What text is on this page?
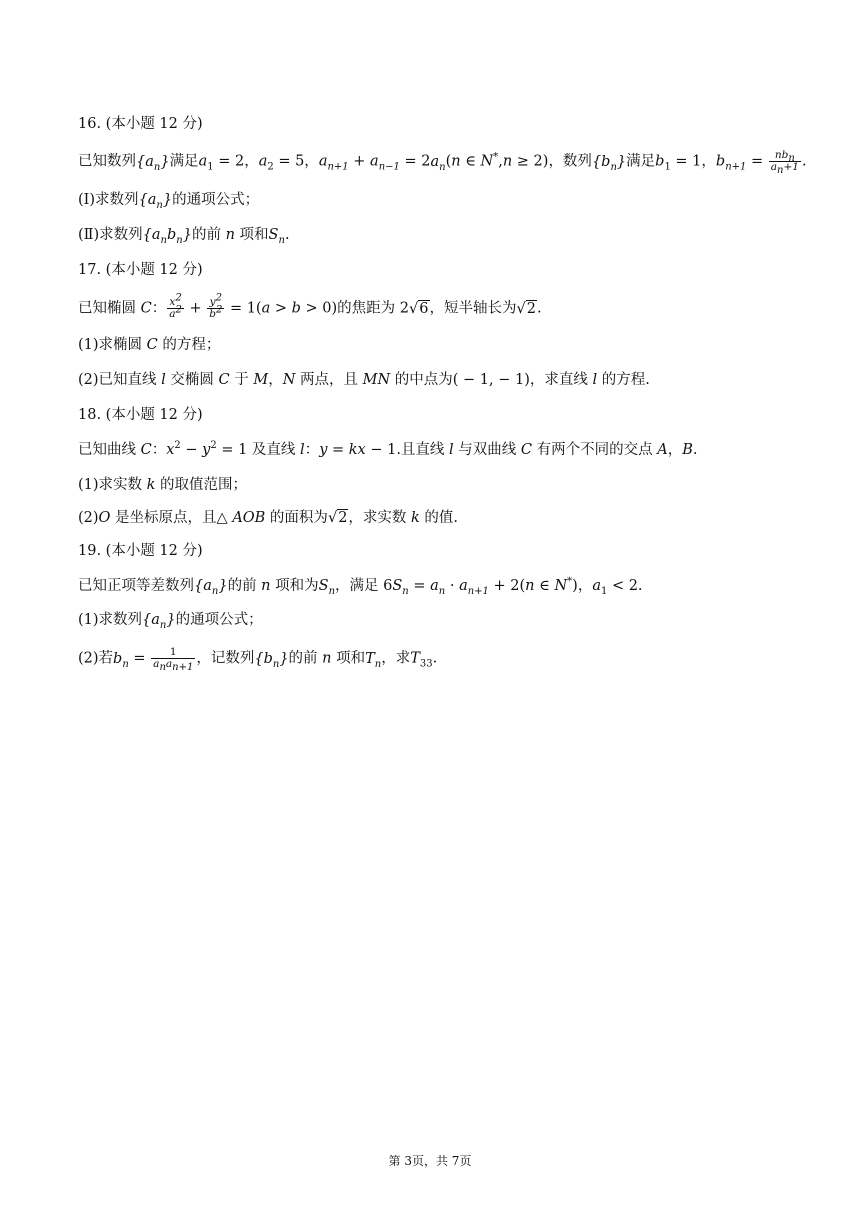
16. (本小题 12 分)
已知数列$\{a_n\}$满足$a_1 = 2$，$a_2 = 5$，$a_{n+1} + a_{n-1} = 2a_n(n$ ∈ N*,n ≥ 2)，数列$\{b_n\}$满足$b_1 = 1$，$b_{n+1} = \frac{nb_n}{a_n+1}$ .
(Ⅰ)求数列$\{a_n\}$的通项公式；
(Ⅱ)求数列$\{a_nb_n\}$的前 n 项和$S_n$.
17. (本小题 12 分)
已知椭圆 C： $\frac{x^2}{a^2} + \frac{y^2}{b^2} = 1(a > b > 0)$的焦距为 2√6，短半轴长为√2.
(1)求椭圆 C 的方程；
(2)已知直线 l 交椭圆 C 于 M，N 两点，且 MN 的中点为( − 1, − 1)，求直线 l 的方程.
18. (本小题 12 分)
已知曲线 C：$x^2 - y^2 = 1$ 及直线 l：y = kx − 1.且直线 l 与双曲线 C 有两个不同的交点 A，B.
(1)求实数 k 的取值范围；
(2)O 是坐标原点，且△ AOB 的面积为√2，求实数 k 的值.
19. (本小题 12 分)
已知正项等差数列$\{a_n\}$的前 n 项和为$S_n$，满足 $6S_n = a_n \cdot a_{n+1} + 2(n$ ∈ N*)，$a_1 < 2$.
(1)求数列$\{a_n\}$的通项公式；
(2)若$b_n = \frac{1}{a_na_{n+1}}$ ，记数列$\{b_n\}$的前 n 项和$T_n$，求$T_{33}$.
第 3页，共 7页
